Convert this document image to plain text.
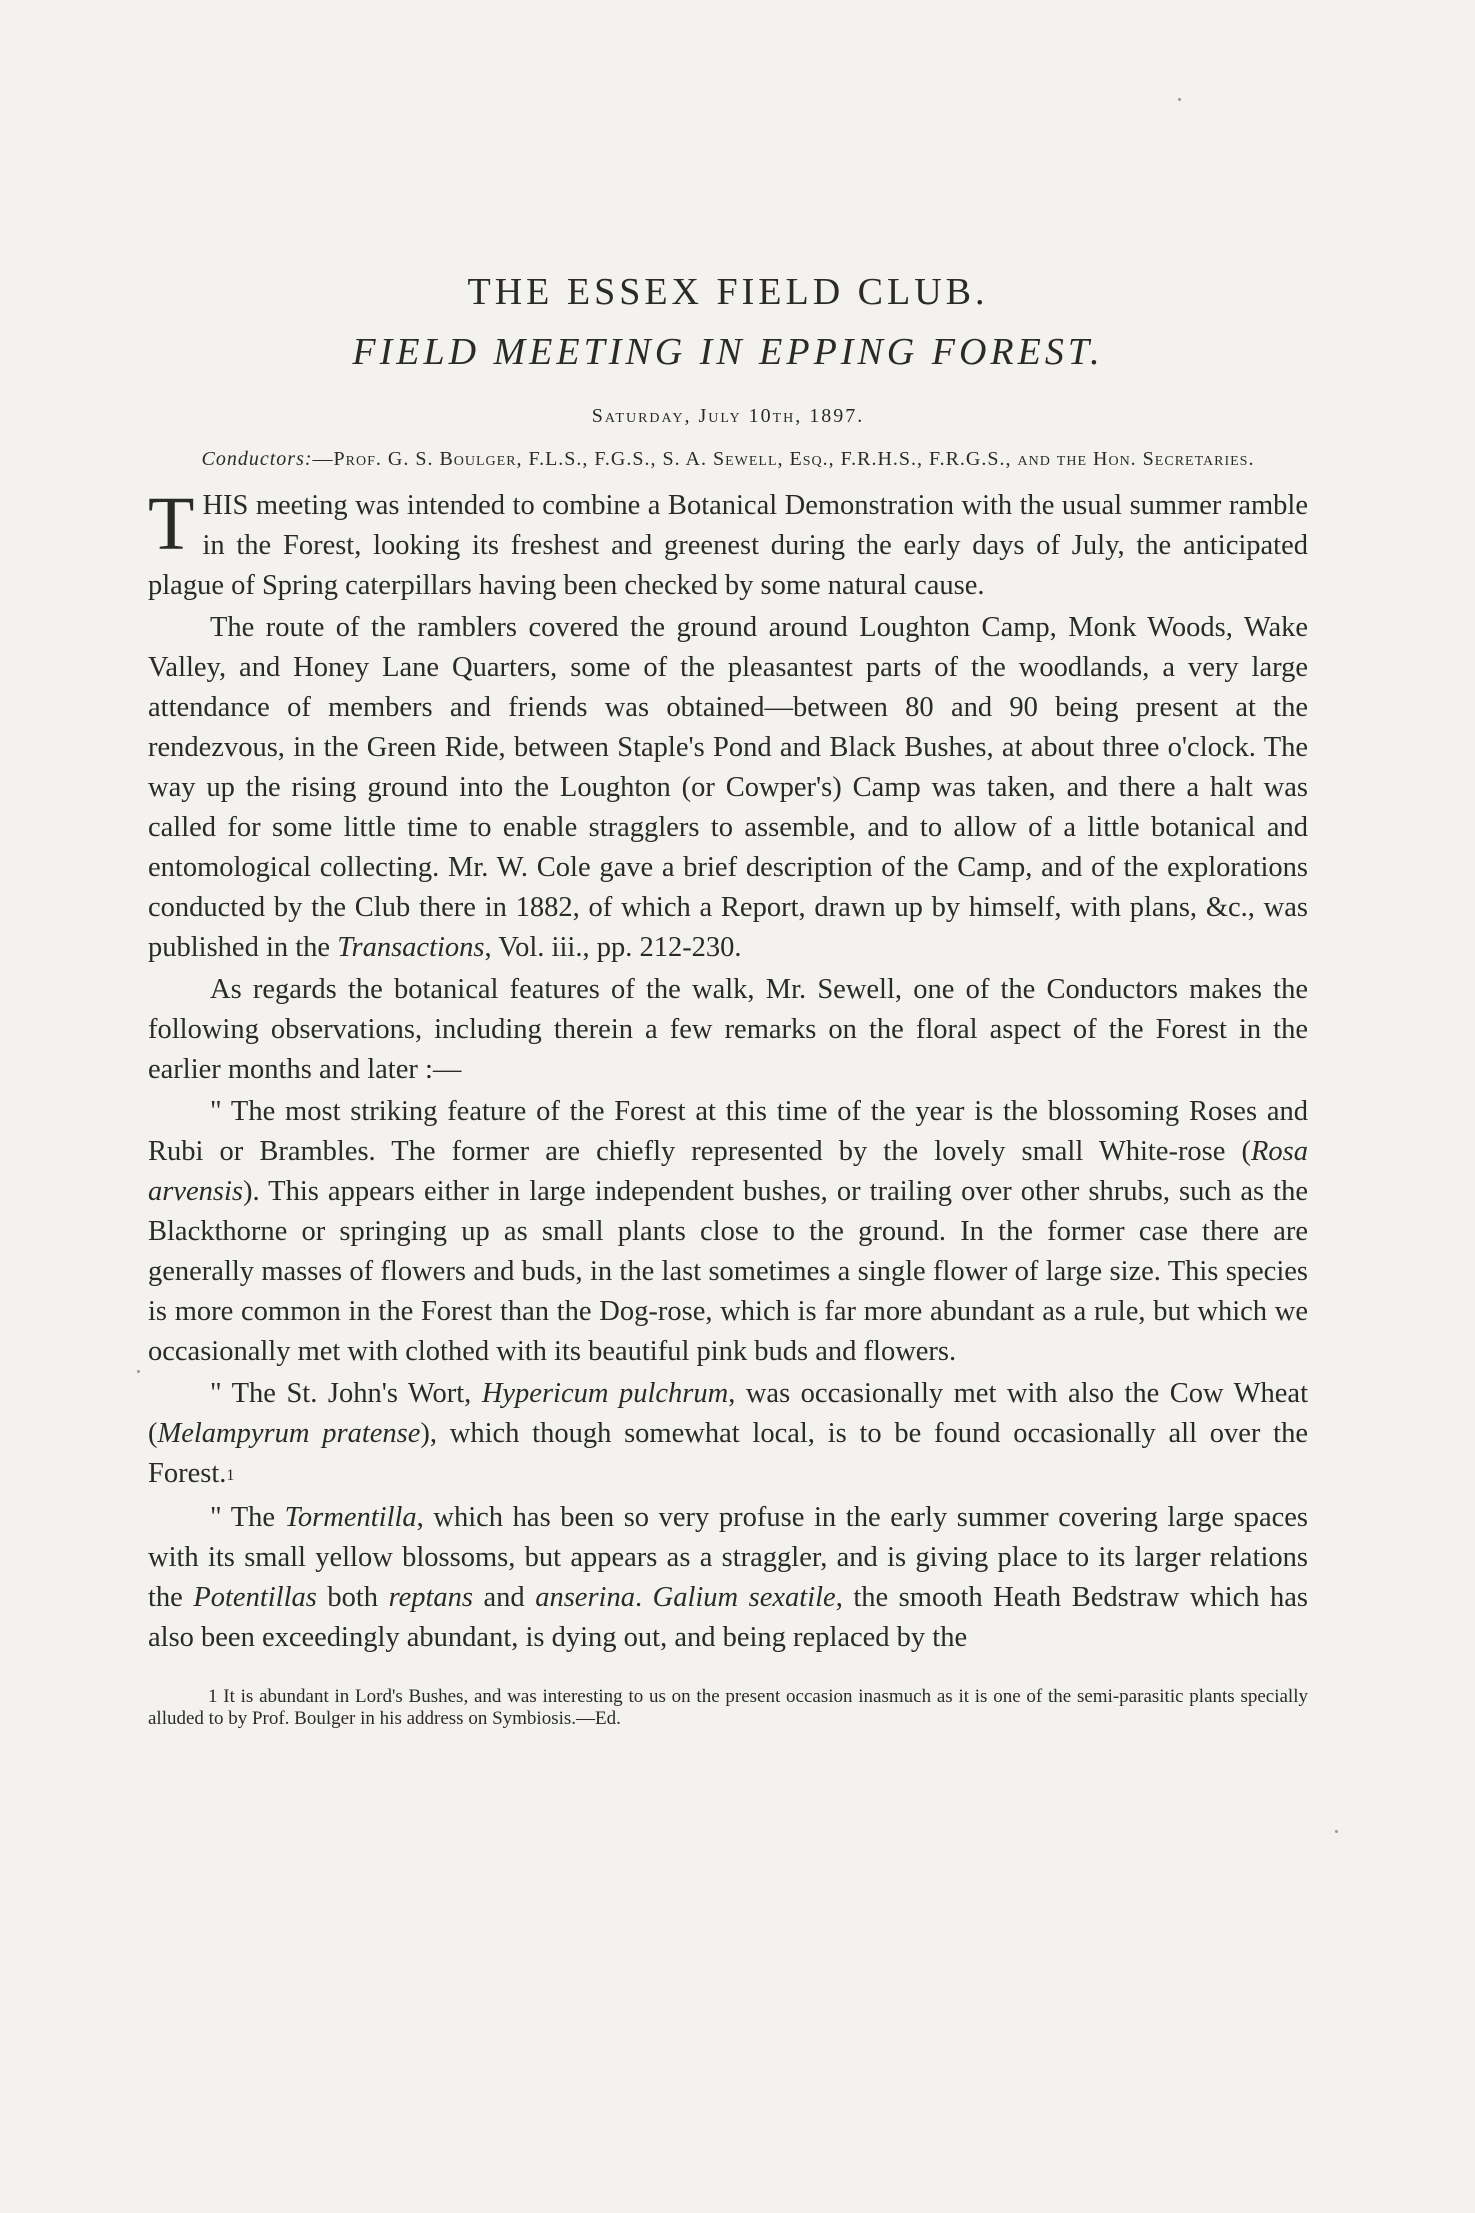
THE ESSEX FIELD CLUB.
FIELD MEETING IN EPPING FOREST.
Saturday, July 10th, 1897.
Conductors:—Prof. G. S. Boulger, F.L.S., F.G.S., S. A. Sewell, Esq., F.R.H.S., F.R.G.S., and the Hon. Secretaries.

THIS meeting was intended to combine a Botanical Demonstration with the usual summer ramble in the Forest, looking its freshest and greenest during the early days of July, the anticipated plague of Spring caterpillars having been checked by some natural cause.

The route of the ramblers covered the ground around Loughton Camp, Monk Woods, Wake Valley, and Honey Lane Quarters, some of the pleasantest parts of the woodlands, a very large attendance of members and friends was obtained—between 80 and 90 being present at the rendezvous, in the Green Ride, between Staple's Pond and Black Bushes, at about three o'clock. The way up the rising ground into the Loughton (or Cowper's) Camp was taken, and there a halt was called for some little time to enable stragglers to assemble, and to allow of a little botanical and entomological collecting. Mr. W. Cole gave a brief description of the Camp, and of the explorations conducted by the Club there in 1882, of which a Report, drawn up by himself, with plans, &c., was published in the Transactions, Vol. iii., pp. 212-230.

As regards the botanical features of the walk, Mr. Sewell, one of the Conductors makes the following observations, including therein a few remarks on the floral aspect of the Forest in the earlier months and later :—

" The most striking feature of the Forest at this time of the year is the blossoming Roses and Rubi or Brambles. The former are chiefly represented by the lovely small White-rose (Rosa arvensis). This appears either in large independent bushes, or trailing over other shrubs, such as the Blackthorne or springing up as small plants close to the ground. In the former case there are generally masses of flowers and buds, in the last sometimes a single flower of large size. This species is more common in the Forest than the Dog-rose, which is far more abundant as a rule, but which we occasionally met with clothed with its beautiful pink buds and flowers.

" The St. John's Wort, Hypericum pulchrum, was occasionally met with also the Cow Wheat (Melampyrum pratense), which though somewhat local, is to be found occasionally all over the Forest.1

" The Tormentilla, which has been so very profuse in the early summer covering large spaces with its small yellow blossoms, but appears as a straggler, and is giving place to its larger relations the Potentillas both reptans and anserina. Galium sexatile, the smooth Heath Bedstraw which has also been exceedingly abundant, is dying out, and being replaced by the

1 It is abundant in Lord's Bushes, and was interesting to us on the present occasion inasmuch as it is one of the semi-parasitic plants specially alluded to by Prof. Boulger in his address on Symbiosis.—Ed.
